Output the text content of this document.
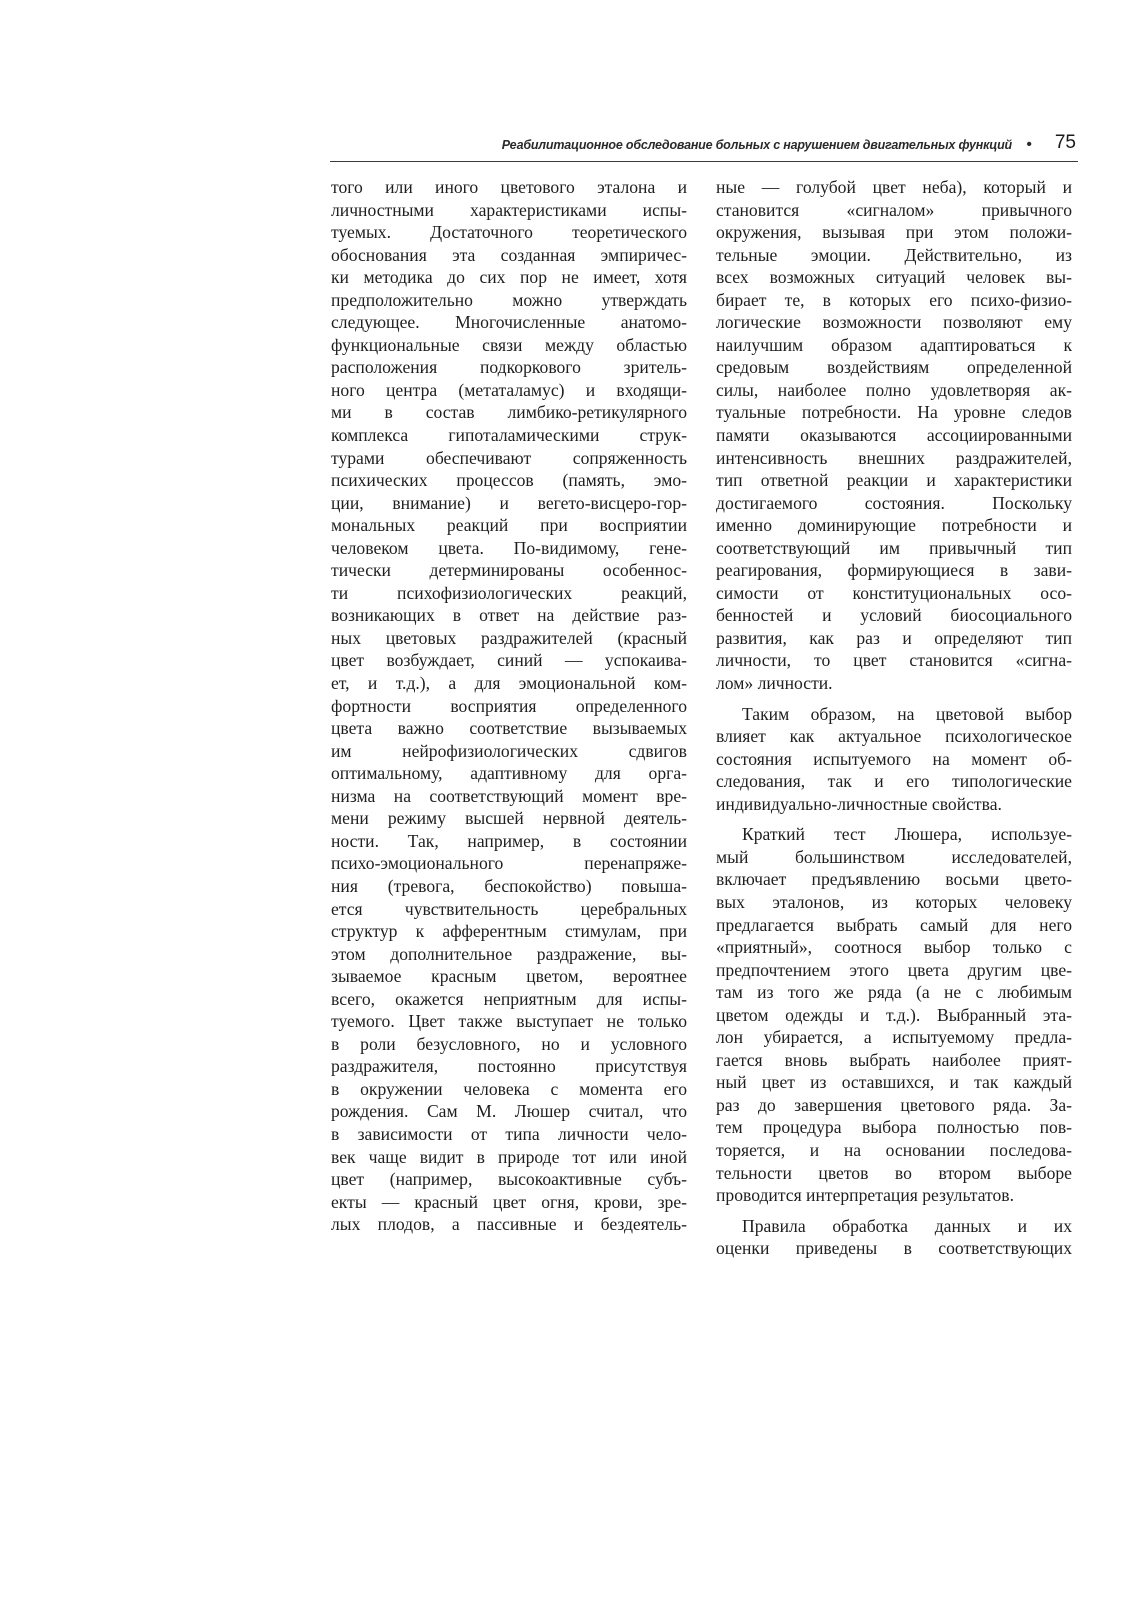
Реабилитационное обследование больных с нарушением двигательных функций • 75
того или иного цветового эталона и
личностными характеристиками испы-
туемых. Достаточного теоретического
обоснования эта созданная эмпиричес-
ки методика до сих пор не имеет, хотя
предположительно можно утверждать
следующее. Многочисленные анатомо-
функциональные связи между областью
расположения подкоркового зритель-
ного центра (метаталамус) и входящи-
ми в состав лимбико-ретикулярного
комплекса гипоталамическими струк-
турами обеспечивают сопряженность
психических процессов (память, эмо-
ции, внимание) и вегето-висцеро-гор-
мональных реакций при восприятии
человеком цвета. По-видимому, гене-
тически детерминированы особеннос-
ти психофизиологических реакций,
возникающих в ответ на действие раз-
ных цветовых раздражителей (красный
цвет возбуждает, синий — успокаива-
ет, и т.д.), а для эмоциональной ком-
фортности восприятия определенного
цвета важно соответствие вызываемых
им нейрофизиологических сдвигов
оптимальному, адаптивному для орга-
низма на соответствующий момент вре-
мени режиму высшей нервной деятель-
ности. Так, например, в состоянии
психо-эмоционального перенапряже-
ния (тревога, беспокойство) повыша-
ется чувствительность церебральных
структур к афферентным стимулам, при
этом дополнительное раздражение, вы-
зываемое красным цветом, вероятнее
всего, окажется неприятным для испы-
туемого. Цвет также выступает не только
в роли безусловного, но и условного
раздражителя, постоянно присутствуя
в окружении человека с момента его
рождения. Сам М. Люшер считал, что
в зависимости от типа личности чело-
век чаще видит в природе тот или иной
цвет (например, высокоактивные субъ-
екты — красный цвет огня, крови, зре-
лых плодов, а пассивные и бездеятель-
ные — голубой цвет неба), который и
становится «сигналом» привычного
окружения, вызывая при этом положи-
тельные эмоции. Действительно, из
всех возможных ситуаций человек вы-
бирает те, в которых его психо-физио-
логические возможности позволяют ему
наилучшим образом адаптироваться к
средовым воздействиям определенной
силы, наиболее полно удовлетворяя ак-
туальные потребности. На уровне следов
памяти оказываются ассоциированными
интенсивность внешних раздражителей,
тип ответной реакции и характеристики
достигаемого состояния. Поскольку
именно доминирующие потребности и
соответствующий им привычный тип
реагирования, формирующиеся в зави-
симости от конституциональных осо-
бенностей и условий биосоциального
развития, как раз и определяют тип
личности, то цвет становится «сигна-
лом» личности.
Таким образом, на цветовой выбор
влияет как актуальное психологическое
состояния испытуемого на момент об-
следования, так и его типологические
индивидуально-личностные свойства.
Краткий тест Люшера, используе-
мый большинством исследователей,
включает предъявлению восьми цвето-
вых эталонов, из которых человеку
предлагается выбрать самый для него
«приятный», соотнося выбор только с
предпочтением этого цвета другим цве-
там из того же ряда (а не с любимым
цветом одежды и т.д.). Выбранный эта-
лон убирается, а испытуемому предла-
гается вновь выбрать наиболее прият-
ный цвет из оставшихся, и так каждый
раз до завершения цветового ряда. За-
тем процедура выбора полностью пов-
торяется, и на основании последова-
тельности цветов во втором выборе
проводится интерпретация результатов.
Правила обработка данных и их
оценки приведены в соответствующих
